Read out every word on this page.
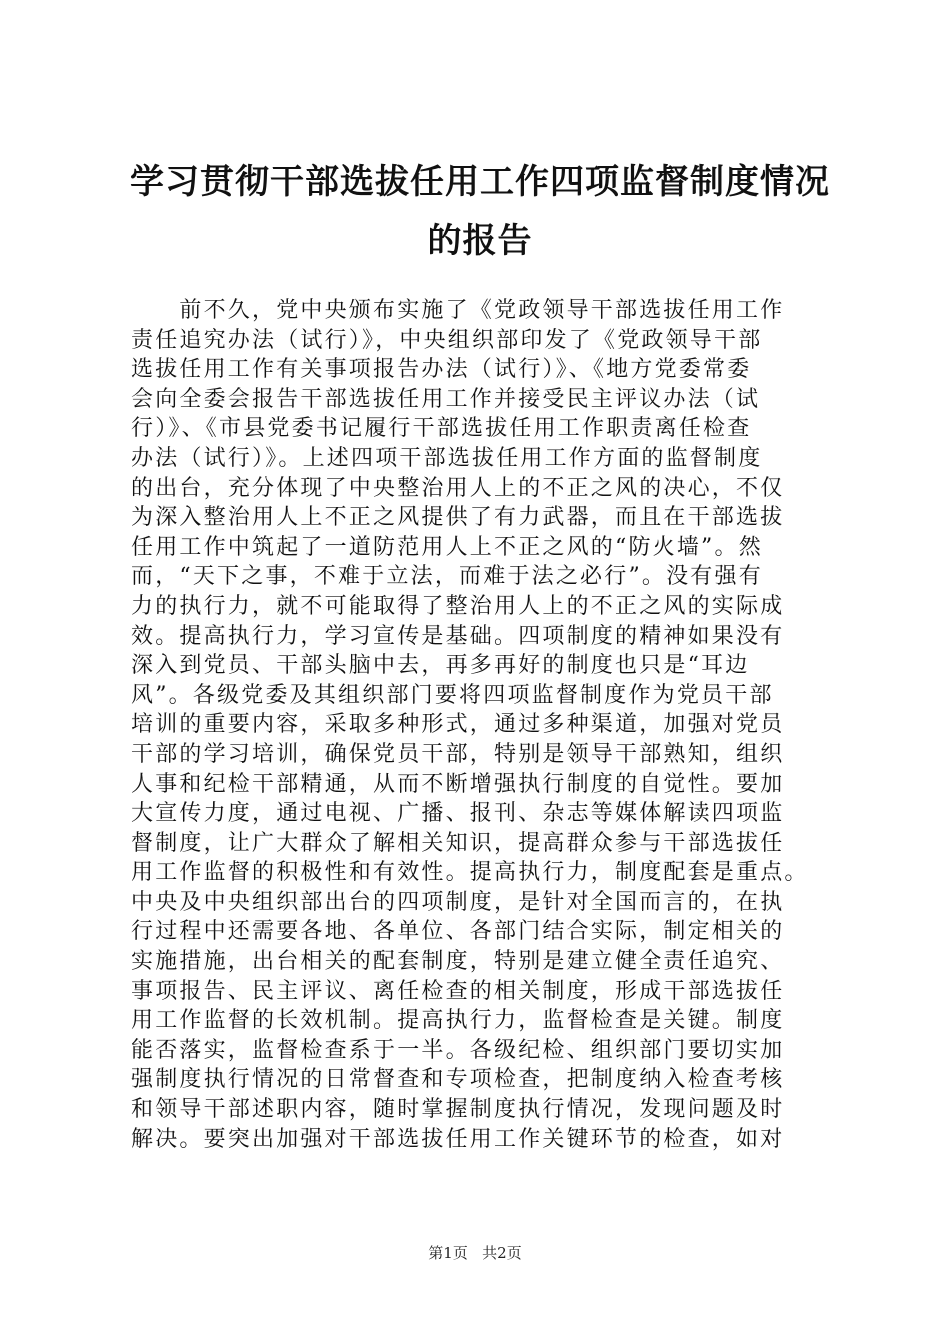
学习贯彻干部选拔任用工作四项监督制度情况
的报告
　　前不久，党中央颁布实施了《党政领导干部选拔任用工作
责任追究办法（试行）》，中央组织部印发了《党政领导干部
选拔任用工作有关事项报告办法（试行）》、《地方党委常委
会向全委会报告干部选拔任用工作并接受民主评议办法（试
行）》、《市县党委书记履行干部选拔任用工作职责离任检查
办法（试行）》。上述四项干部选拔任用工作方面的监督制度
的出台，充分体现了中央整治用人上的不正之风的决心，不仅
为深入整治用人上不正之风提供了有力武器，而且在干部选拔
任用工作中筑起了一道防范用人上不正之风的“防火墙”。然
而，“天下之事，不难于立法，而难于法之必行”。没有强有
力的执行力，就不可能取得了整治用人上的不正之风的实际成
效。提高执行力，学习宣传是基础。四项制度的精神如果没有
深入到党员、干部头脑中去，再多再好的制度也只是“耳边
风”。各级党委及其组织部门要将四项监督制度作为党员干部
培训的重要内容，采取多种形式，通过多种渠道，加强对党员
干部的学习培训，确保党员干部，特别是领导干部熟知，组织
人事和纪检干部精通，从而不断增强执行制度的自觉性。要加
大宣传力度，通过电视、广播、报刊、杂志等媒体解读四项监
督制度，让广大群众了解相关知识，提高群众参与干部选拔任
用工作监督的积极性和有效性。提高执行力，制度配套是重点。
中央及中央组织部出台的四项制度，是针对全国而言的，在执
行过程中还需要各地、各单位、各部门结合实际，制定相关的
实施措施，出台相关的配套制度，特别是建立健全责任追究、
事项报告、民主评议、离任检查的相关制度，形成干部选拔任
用工作监督的长效机制。提高执行力，监督检查是关键。制度
能否落实，监督检查系于一半。各级纪检、组织部门要切实加
强制度执行情况的日常督查和专项检查，把制度纳入检查考核
和领导干部述职内容，随时掌握制度执行情况，发现问题及时
解决。要突出加强对干部选拔任用工作关键环节的检查，如对
第1页 共2页
